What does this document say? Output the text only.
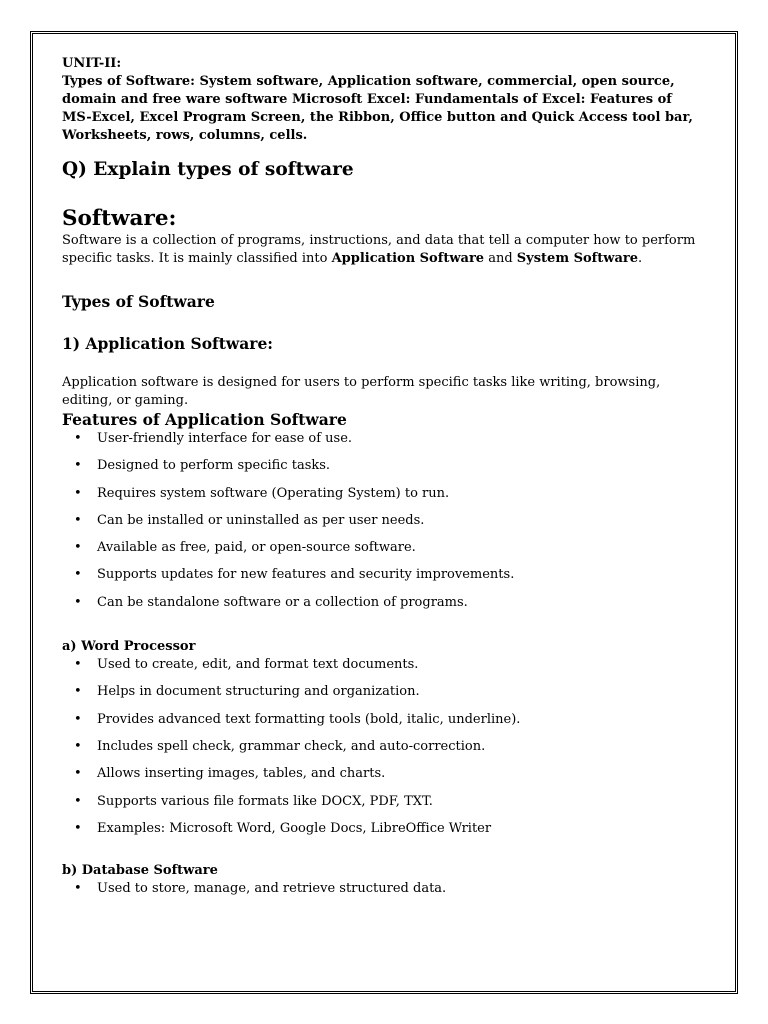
UNIT-II:
Types of Software: System software, Application software, commercial, open source, domain and free ware software Microsoft Excel: Fundamentals of Excel: Features of MS-Excel, Excel Program Screen, the Ribbon, Office button and Quick Access tool bar, Worksheets, rows, columns, cells.

Q) Explain types of software
Software:

Software is a collection of programs, instructions, and data that tell a computer how to perform specific tasks. It is mainly classified into Application Software and System Software.

Types of Software
1) Application Software:

Application software is designed for users to perform specific tasks like writing, browsing, editing, or gaming.

Features of Application Software
• User-friendly interface for ease of use.
• Designed to perform specific tasks.
• Requires system software (Operating System) to run.
• Can be installed or uninstalled as per user needs.
• Available as free, paid, or open-source software.
• Supports updates for new features and security improvements.
• Can be standalone software or a collection of programs.
a) Word Processor
• Used to create, edit, and format text documents.
• Helps in document structuring and organization.
• Provides advanced text formatting tools (bold, italic, underline).
• Includes spell check, grammar check, and auto-correction.
• Allows inserting images, tables, and charts.
• Supports various file formats like DOCX, PDF, TXT.
• Examples: Microsoft Word, Google Docs, LibreOffice Writer
b) Database Software
• Used to store, manage, and retrieve structured data.
